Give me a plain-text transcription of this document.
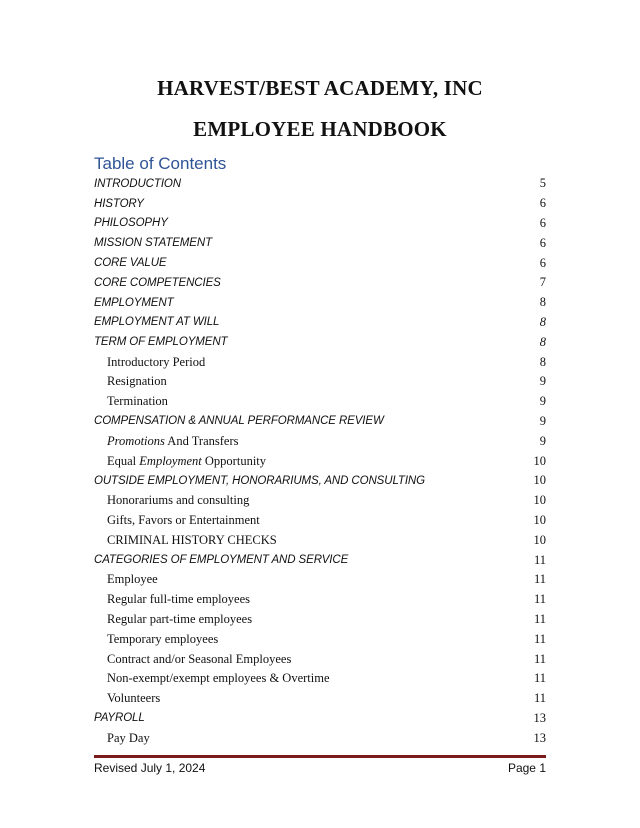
HARVEST/BEST ACADEMY, INC
EMPLOYEE HANDBOOK
Table of Contents
INTRODUCTION	5
HISTORY	6
PHILOSOPHY	6
MISSION STATEMENT	6
CORE VALUE	6
CORE COMPETENCIES	7
EMPLOYMENT	8
EMPLOYMENT AT WILL	8
TERM OF EMPLOYMENT	8
Introductory Period	8
Resignation	9
Termination	9
COMPENSATION & ANNUAL PERFORMANCE REVIEW	9
Promotions And Transfers	9
Equal Employment Opportunity	10
OUTSIDE EMPLOYMENT, HONORARIUMS, AND CONSULTING	10
Honorariums and consulting	10
Gifts, Favors or Entertainment	10
CRIMINAL HISTORY CHECKS	10
CATEGORIES OF EMPLOYMENT AND SERVICE	11
Employee	11
Regular full-time employees	11
Regular part-time employees	11
Temporary employees	11
Contract and/or Seasonal Employees	11
Non-exempt/exempt employees & Overtime	11
Volunteers	11
PAYROLL	13
Pay Day	13
Revised July 1, 2024	Page 1
